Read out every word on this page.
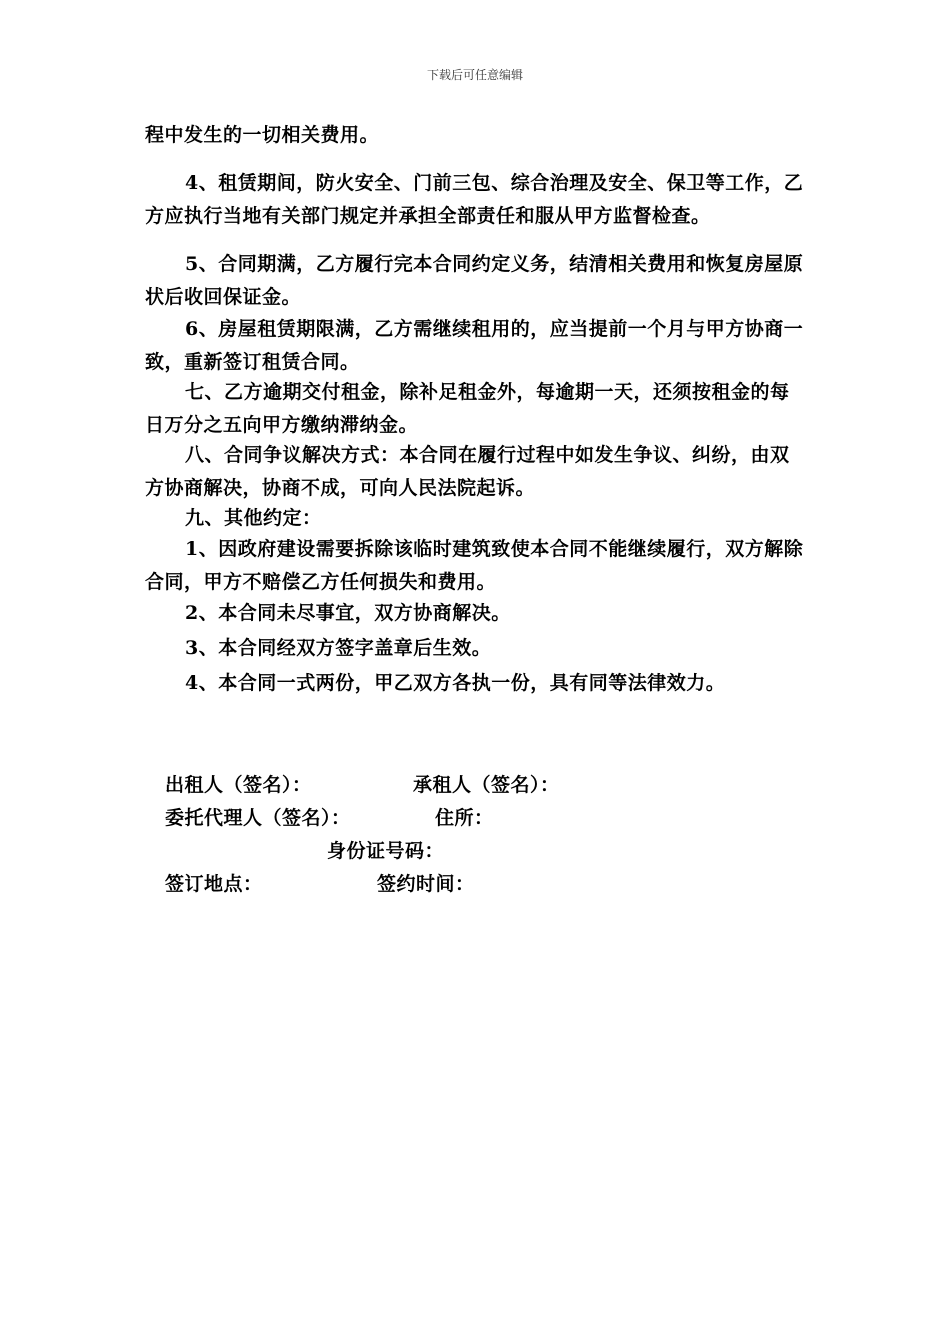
下载后可任意编辑

程中发生的一切相关费用。

4、租赁期间，防火安全、门前三包、综合治理及安全、保卫等工作，乙方应执行当地有关部门规定并承担全部责任和服从甲方监督检查。

5、合同期满，乙方履行完本合同约定义务，结清相关费用和恢复房屋原状后收回保证金。

6、房屋租赁期限满，乙方需继续租用的，应当提前一个月与甲方协商一致，重新签订租赁合同。

七、乙方逾期交付租金，除补足租金外，每逾期一天，还须按租金的每日万分之五向甲方缴纳滞纳金。

八、合同争议解决方式：本合同在履行过程中如发生争议、纠纷，由双方协商解决，协商不成，可向人民法院起诉。

九、其他约定：

1、因政府建设需要拆除该临时建筑致使本合同不能继续履行，双方解除合同，甲方不赔偿乙方任何损失和费用。

2、本合同未尽事宜，双方协商解决。

3、本合同经双方签字盖章后生效。

4、本合同一式两份，甲乙双方各执一份，具有同等法律效力。

出租人（签名）：	承租人（签名）：
委托代理人（签名）：	住所：
身份证号码：
签订地点：	签约时间：
